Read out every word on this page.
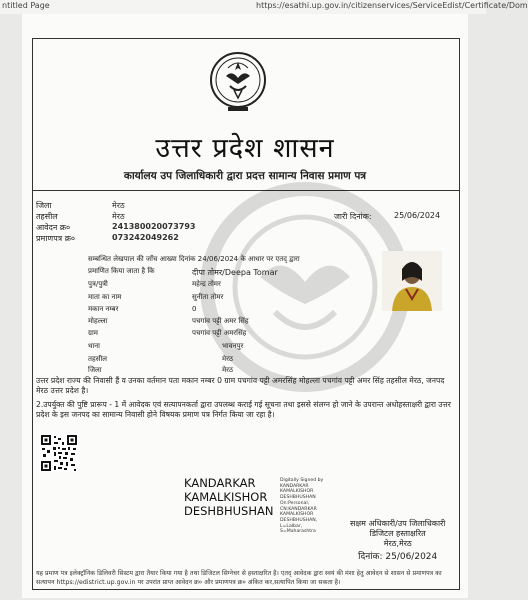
ntitled Page	https://esathi.up.gov.in/citizenservices/ServiceEdist/Certificate/Dom
उत्तर प्रदेश शासन
कार्यालय उप जिलाधिकारी द्वारा प्रदत्त सामान्य निवास प्रमाण पत्र
जिला	मेरठ
तहसील	मेरठ
आवेदन क्र०	241380020073793
प्रमाणपत्र क्र०	073242049262
जारी दिनांक:	25/06/2024
सम्बन्धित लेखपाल की जाँच आख्या दिनांक 24/06/2024 के आधार पर एतद् द्वारा
प्रमाणित किया जाता है कि	दीपा तोमर/Deepa Tomar
पुत्र/पुत्री	महेन्द्र तोमर
माता का नाम	सुनीता तोमर
मकान नम्बर	0
मोहल्ला	पचगांव पट्टी अमर सिंह
ग्राम	पचगांव पट्टी अमरसिंह
थाना	भावनपुर
तहसील	मेरठ
जिला	मेरठ
उत्तर प्रदेश राज्य की निवासी हैं व उनका वर्तमान पता मकान नम्बर 0 ग्राम पचगांव पट्टी अमरसिंह मोहल्ला पचगांव पट्टी अमर सिंह तहसील मेरठ, जनपद मेरठ उत्तर प्रदेश है।
2.उपर्युक्त की पुष्टि प्रारूप - 1 में आवेदक एवं सत्यापनकर्ता द्वारा उपलब्ध कराई गई सूचना तथा इससे संलग्न हो जाने के उपरान्त अधोहस्ताक्षरी द्वारा उत्तर प्रदेश के इस जनपद का सामान्य निवासी होने विषयक प्रमाण पत्र निर्गत किया जा रहा है।
KANDARKAR
KAMALKISHOR
DESHBHUSHAN
Digitally Signed by
KANDARKAR
KAMALKISHOR
DESHBHUSHAN
On:Personal,
CN:KANDARKAR
KAMALKISHOR
DESHBHUSHAN,
L=Lalbar,
S=Maharashtra
सक्षम अधिकारी/उप जिलाधिकारी
डिजिटल हस्ताक्षरित
मेरठ,मेरठ
दिनांक: 25/06/2024
यह प्रमाण पत्र इलेक्ट्रॉनिक डिलिवरी सिस्टम द्वारा तैयार किया गया है तथा डिजिटल सिग्नेचर से हस्ताक्षरित है। एतद् आवेदक द्वारा स्वयं की मंशा हेतु आवेदन से शासन से प्रमाणपत्र का सत्यापन https://edistrict.up.gov.in पर उपरांत प्राप्त आवेदन क्र० और प्रमाणपत्र क्र० अंकित कर,सत्यापित किया जा सकता है।
